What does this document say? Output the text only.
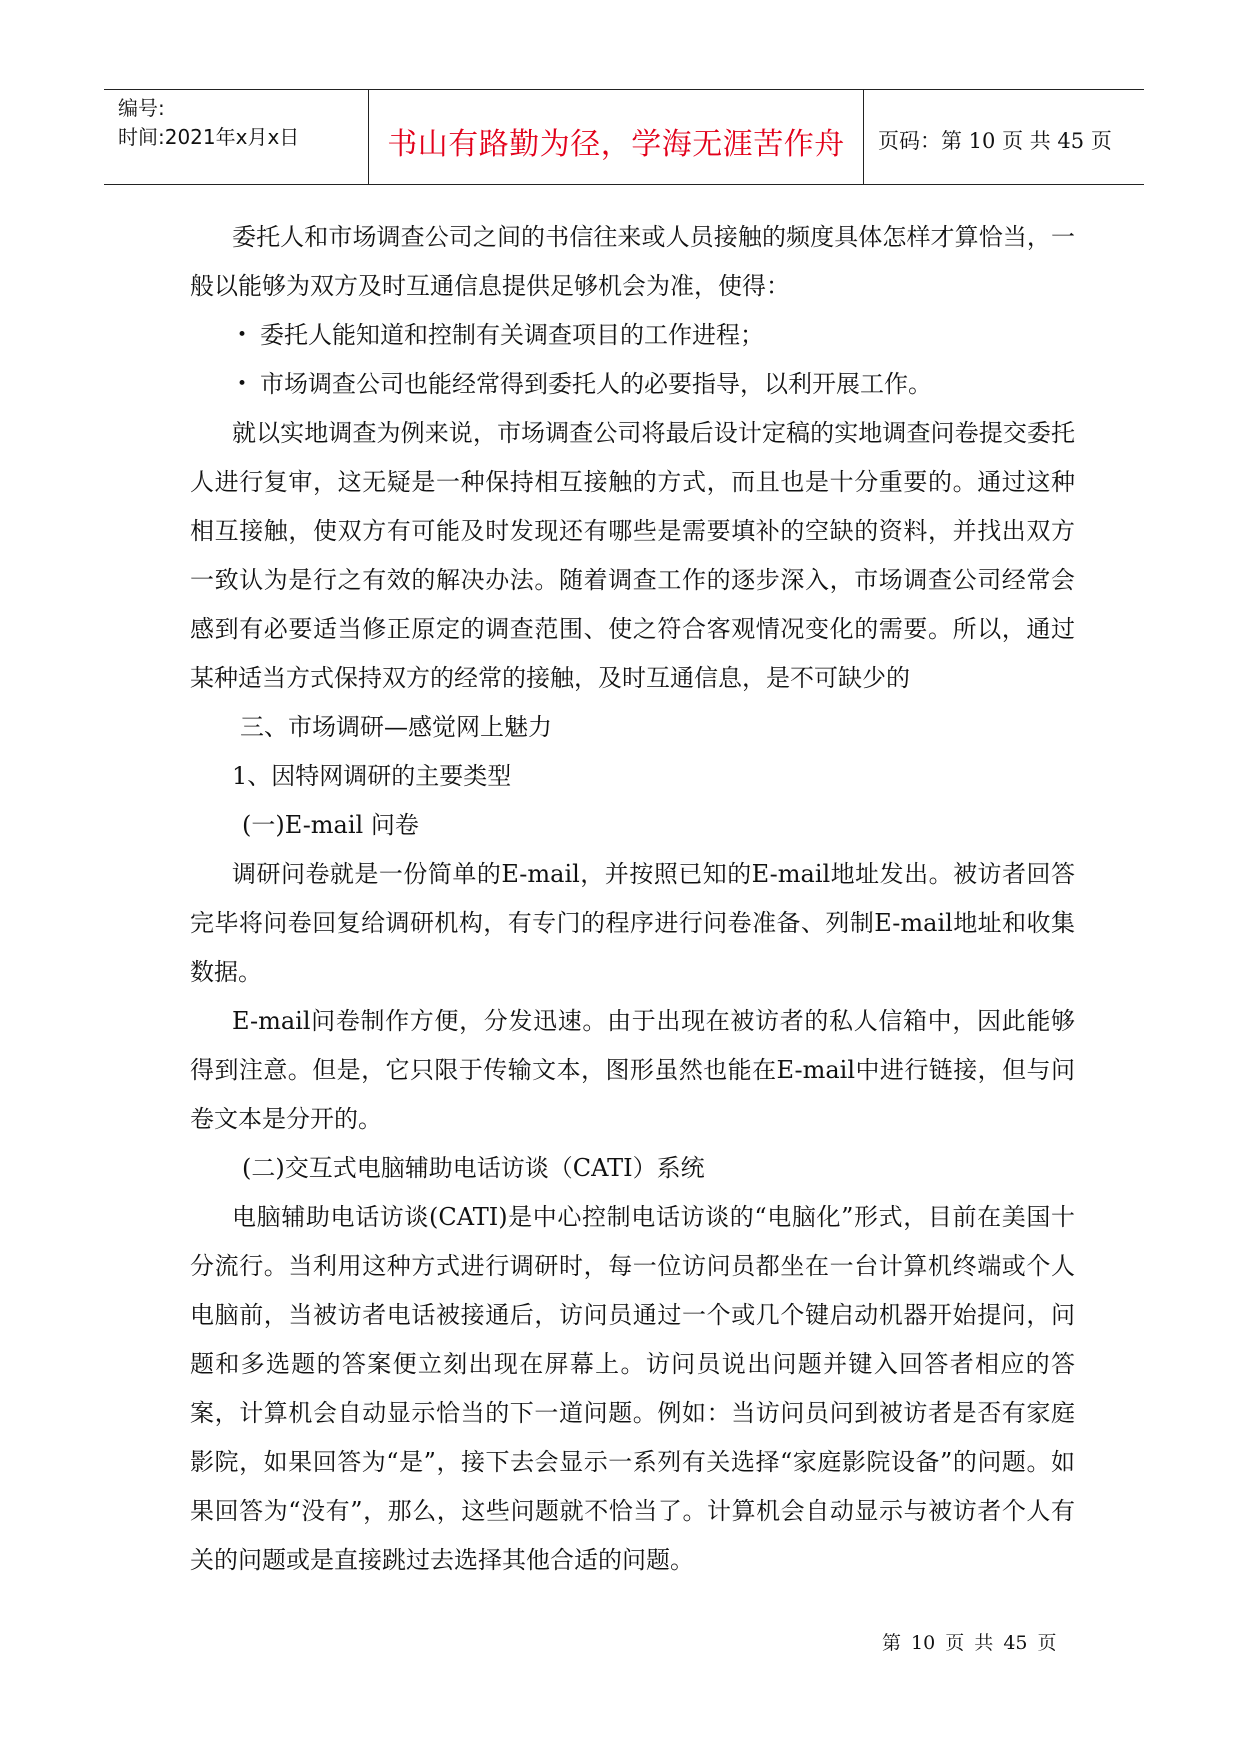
编号:
时间:2021年x月x日	书山有路勤为径，学海无涯苦作舟	页码：第 10 页 共 45 页

委托人和市场调查公司之间的书信往来或人员接触的频度具体怎样才算恰当，一般以能够为双方及时互通信息提供足够机会为准，使得：

• 委托人能知道和控制有关调查项目的工作进程；
• 市场调查公司也能经常得到委托人的必要指导，以利开展工作。

就以实地调查为例来说，市场调查公司将最后设计定稿的实地调查问卷提交委托人进行复审，这无疑是一种保持相互接触的方式，而且也是十分重要的。通过这种相互接触，使双方有可能及时发现还有哪些是需要填补的空缺的资料，并找出双方一致认为是行之有效的解决办法。随着调查工作的逐步深入，市场调查公司经常会感到有必要适当修正原定的调查范围、使之符合客观情况变化的需要。所以，通过某种适当方式保持双方的经常的接触，及时互通信息，是不可缺少的

三、市场调研—感觉网上魅力

1、因特网调研的主要类型

(一)E-mail 问卷

调研问卷就是一份简单的E-mail，并按照已知的E-mail地址发出。被访者回答完毕将问卷回复给调研机构，有专门的程序进行问卷准备、列制E-mail地址和收集数据。

E-mail问卷制作方便，分发迅速。由于出现在被访者的私人信箱中，因此能够得到注意。但是，它只限于传输文本，图形虽然也能在E-mail中进行链接，但与问卷文本是分开的。

(二)交互式电脑辅助电话访谈（CATI）系统

电脑辅助电话访谈(CATI)是中心控制电话访谈的“电脑化”形式，目前在美国十分流行。当利用这种方式进行调研时，每一位访问员都坐在一台计算机终端或个人电脑前，当被访者电话被接通后，访问员通过一个或几个键启动机器开始提问，问题和多选题的答案便立刻出现在屏幕上。访问员说出问题并键入回答者相应的答案，计算机会自动显示恰当的下一道问题。例如：当访问员问到被访者是否有家庭影院，如果回答为“是”，接下去会显示一系列有关选择“家庭影院设备”的问题。如果回答为“没有”，那么，这些问题就不恰当了。计算机会自动显示与被访者个人有关的问题或是直接跳过去选择其他合适的问题。

第 10 页 共 45 页
